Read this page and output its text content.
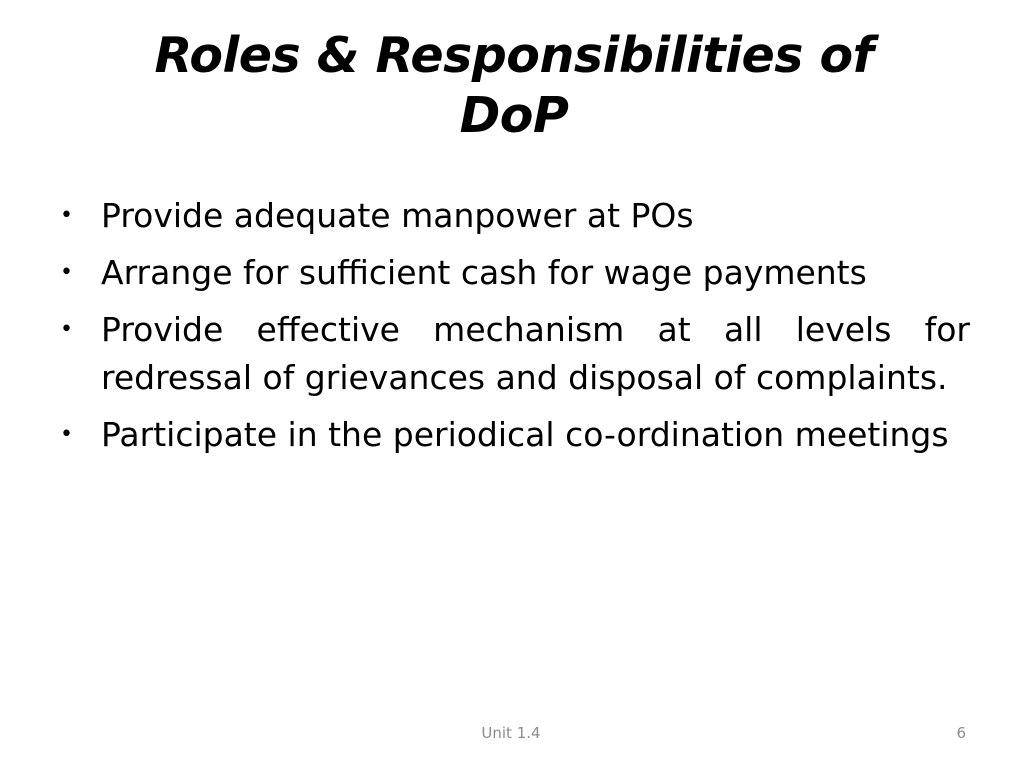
Roles & Responsibilities of
DoP
• Provide adequate manpower at POs
• Arrange for sufficient cash for wage payments
• Provide effective mechanism at all levels for redressal of grievances and disposal of complaints.
• Participate in the periodical co-ordination meetings
Unit 1.4	6
